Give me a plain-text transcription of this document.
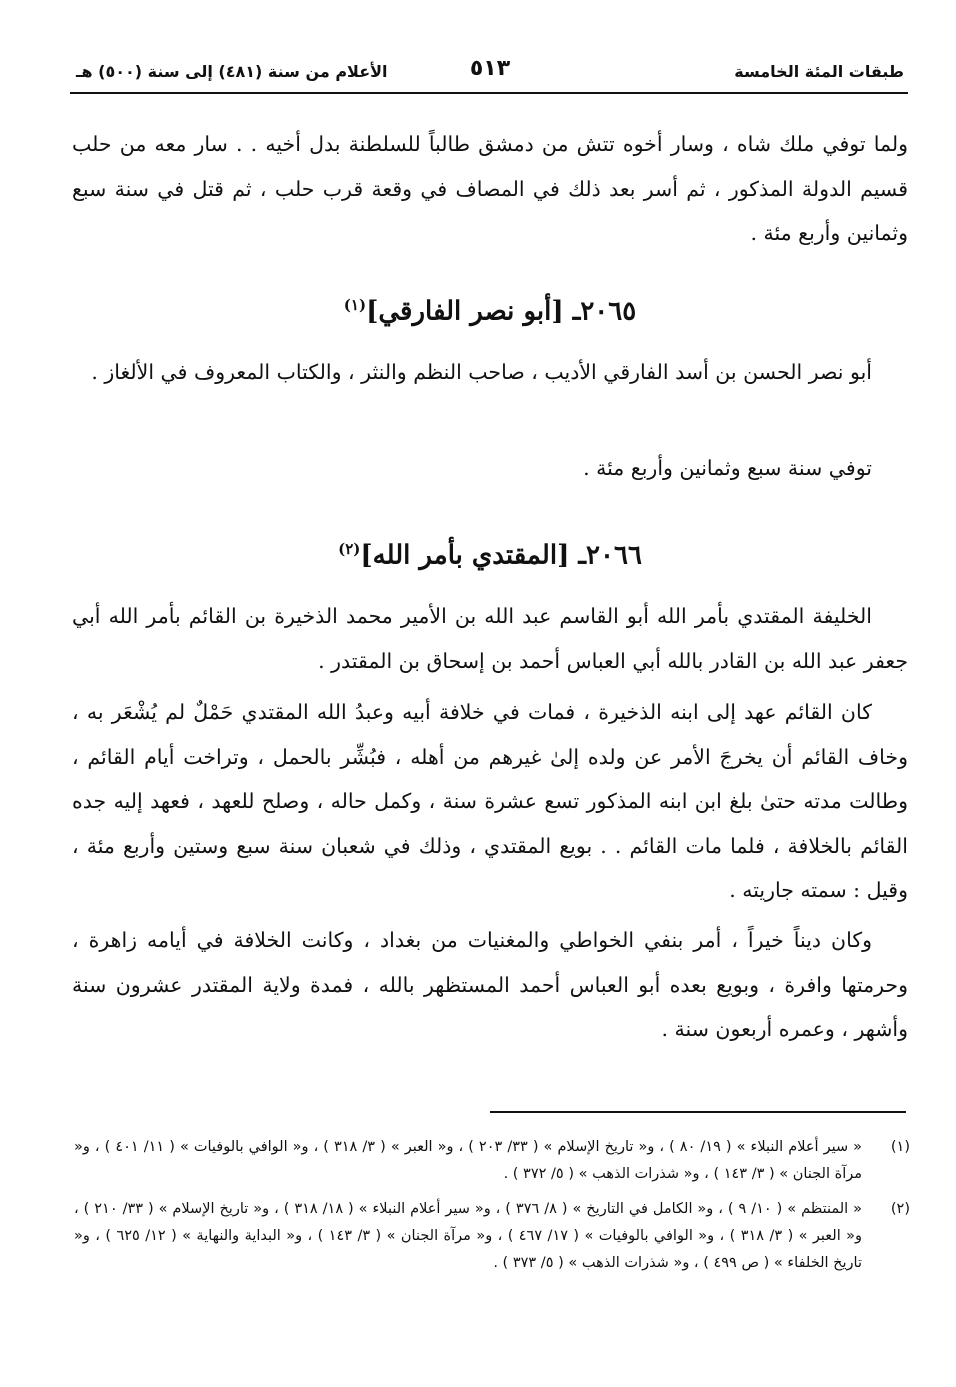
طبقات المئة الخامسة
٥١٣
الأعلام من سنة (٤٨١) إلى سنة (٥٠٠) هـ
ولما توفي ملك شاه ، وسار أخوه تتش من دمشق طالباً للسلطنة بدل أخيه . . سار معه من حلب قسيم الدولة المذكور ، ثم أسر بعد ذلك في المصاف في وقعة قرب حلب ، ثم قتل في سنة سبع وثمانين وأربع مئة .
٢٠٦٥ـ [أبو نصر الفارقي]$^{(١)}$
أبو نصر الحسن بن أسد الفارقي الأديب ، صاحب النظم والنثر ، والكتاب المعروف في الألغاز .
توفي سنة سبع وثمانين وأربع مئة .
٢٠٦٦ـ [المقتدي بأمر الله]$^{(٢)}$
الخليفة المقتدي بأمر الله أبو القاسم عبد الله بن الأمير محمد الذخيرة بن القائم بأمر الله أبي جعفر عبد الله بن القادر بالله أبي العباس أحمد بن إسحاق بن المقتدر .
كان القائم عهد إلى ابنه الذخيرة ، فمات في خلافة أبيه وعبدُ الله المقتدي حَمْلٌ لم يُشْعَر به ، وخاف القائم أن يخرجَ الأمر عن ولده إلىٰ غيرهم من أهله ، فبُشِّر بالحمل ، وتراخت أيام القائم ، وطالت مدته حتىٰ بلغ ابن ابنه المذكور تسع عشرة سنة ، وكمل حاله ، وصلح للعهد ، فعهد إليه جده القائم بالخلافة ، فلما مات القائم . . بويع المقتدي ، وذلك في شعبان سنة سبع وستين وأربع مئة ، وقيل : سمته جاريته .
وكان ديناً خيراً ، أمر بنفي الخواطي والمغنيات من بغداد ، وكانت الخلافة في أيامه زاهرة ، وحرمتها وافرة ، وبويع بعده أبو العباس أحمد المستظهر بالله ، فمدة ولاية المقتدر عشرون سنة وأشهر ، وعمره أربعون سنة .
(١)
« سير أعلام النبلاء » ( ١٩/ ٨٠ ) ، و« تاريخ الإسلام » ( ٣٣/ ٢٠٣ ) ، و« العبر » ( ٣/ ٣١٨ ) ، و« الوافي بالوفيات » ( ١١/ ٤٠١ ) ، و« مرآة الجنان » ( ٣/ ١٤٣ ) ، و« شذرات الذهب » ( ٥/ ٣٧٢ ) .
(٢)
« المنتظم » ( ١٠/ ٩ ) ، و« الكامل في التاريخ » ( ٨/ ٣٧٦ ) ، و« سير أعلام النبلاء » ( ١٨/ ٣١٨ ) ، و« تاريخ الإسلام » ( ٣٣/ ٢١٠ ) ، و« العبر » ( ٣/ ٣١٨ ) ، و« الوافي بالوفيات » ( ١٧/ ٤٦٧ ) ، و« مرآة الجنان » ( ٣/ ١٤٣ ) ، و« البداية والنهاية » ( ١٢/ ٦٢٥ ) ، و« تاريخ الخلفاء » ( ص ٤٩٩ ) ، و« شذرات الذهب » ( ٥/ ٣٧٣ ) .
